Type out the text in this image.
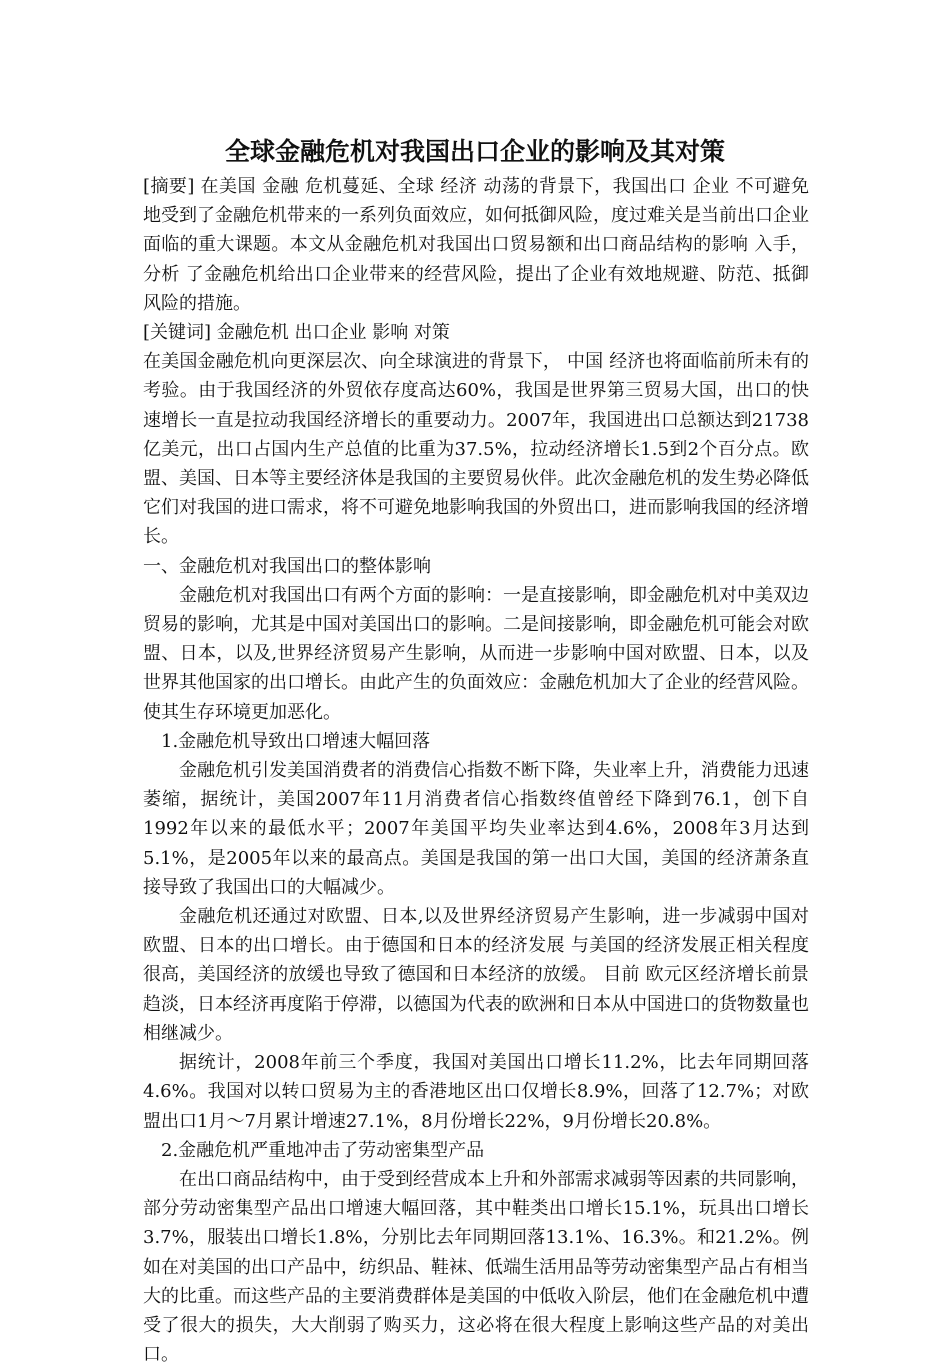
全球金融危机对我国出口企业的影响及其对策

[摘要] 在美国 金融 危机蔓延、全球 经济 动荡的背景下，我国出口 企业 不可避免地受到了金融危机带来的一系列负面效应，如何抵御风险，度过难关是当前出口企业面临的重大课题。本文从金融危机对我国出口贸易额和出口商品结构的影响 入手， 分析 了金融危机给出口企业带来的经营风险，提出了企业有效地规避、防范、抵御风险的措施。

[关键词] 金融危机 出口企业 影响 对策

在美国金融危机向更深层次、向全球演进的背景下， 中国 经济也将面临前所未有的考验。由于我国经济的外贸依存度高达60%，我国是世界第三贸易大国，出口的快速增长一直是拉动我国经济增长的重要动力。2007年，我国进出口总额达到21738亿美元，出口占国内生产总值的比重为37.5%，拉动经济增长1.5到2个百分点。欧盟、美国、日本等主要经济体是我国的主要贸易伙伴。此次金融危机的发生势必降低它们对我国的进口需求，将不可避免地影响我国的外贸出口，进而影响我国的经济增长。

一、金融危机对我国出口的整体影响

金融危机对我国出口有两个方面的影响：一是直接影响，即金融危机对中美双边贸易的影响，尤其是中国对美国出口的影响。二是间接影响，即金融危机可能会对欧盟、日本，以及,世界经济贸易产生影响，从而进一步影响中国对欧盟、日本，以及世界其他国家的出口增长。由此产生的负面效应：金融危机加大了企业的经营风险。使其生存环境更加恶化。

1.金融危机导致出口增速大幅回落

金融危机引发美国消费者的消费信心指数不断下降，失业率上升，消费能力迅速萎缩，据统计，美国2007年11月消费者信心指数终值曾经下降到76.1，创下自1992年以来的最低水平；2007年美国平均失业率达到4.6%，2008年3月达到5.1%，是2005年以来的最高点。美国是我国的第一出口大国，美国的经济萧条直接导致了我国出口的大幅减少。

金融危机还通过对欧盟、日本,以及世界经济贸易产生影响，进一步减弱中国对欧盟、日本的出口增长。由于德国和日本的经济发展 与美国的经济发展正相关程度很高，美国经济的放缓也导致了德国和日本经济的放缓。 目前 欧元区经济增长前景趋淡，日本经济再度陷于停滞，以德国为代表的欧洲和日本从中国进口的货物数量也相继减少。

据统计，2008年前三个季度，我国对美国出口增长11.2%，比去年同期回落4.6%。我国对以转口贸易为主的香港地区出口仅增长8.9%，回落了12.7%；对欧盟出口1月～7月累计增速27.1%，8月份增长22%，9月份增长20.8%。

2.金融危机严重地冲击了劳动密集型产品

在出口商品结构中，由于受到经营成本上升和外部需求减弱等因素的共同影响，部分劳动密集型产品出口增速大幅回落，其中鞋类出口增长15.1%，玩具出口增长3.7%，服装出口增长1.8%，分别比去年同期回落13.1%、16.3%。和21.2%。例如在对美国的出口产品中，纺织品、鞋袜、低端生活用品等劳动密集型产品占有相当大的比重。而这些产品的主要消费群体是美国的中低收入阶层，他们在金融危机中遭受了很大的损失，大大削弱了购买力，这必将在很大程度上影响这些产品的对美出口。
